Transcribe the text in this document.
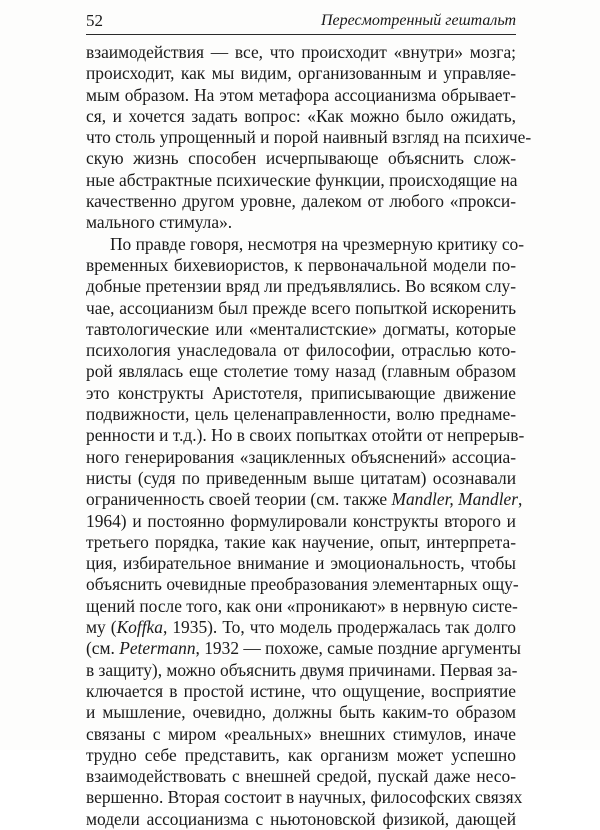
52	Пересмотренный гештальт
взаимодействия — все, что происходит «внутри» мозга;
происходит, как мы видим, организованным и управляе-
мым образом. На этом метафора ассоцианизма обрывает-
ся, и хочется задать вопрос: «Как можно было ожидать,
что столь упрощенный и порой наивный взгляд на психиче-
скую жизнь способен исчерпывающе объяснить слож-
ные абстрактные психические функции, происходящие на
качественно другом уровне, далеком от любого «прокси-
мального стимула».
По правде говоря, несмотря на чрезмерную критику со-
временных бихевиористов, к первоначальной модели по-
добные претензии вряд ли предъявлялись. Во всяком слу-
чае, ассоцианизм был прежде всего попыткой искоренить
тавтологические или «менталистские» догматы, которые
психология унаследовала от философии, отраслью кото-
рой являлась еще столетие тому назад (главным образом
это конструкты Аристотеля, приписывающие движение
подвижности, цель целенаправленности, волю преднаме-
ренности и т.д.). Но в своих попытках отойти от непрерыв-
ного генерирования «зацикленных объяснений» ассоциа-
нисты (судя по приведенным выше цитатам) осознавали
ограниченность своей теории (см. также Mandler, Mandler,
1964) и постоянно формулировали конструкты второго и
третьего порядка, такие как научение, опыт, интерпрета-
ция, избирательное внимание и эмоциональность, чтобы
объяснить очевидные преобразования элементарных ощу-
щений после того, как они «проникают» в нервную систе-
му (Koffka, 1935). То, что модель продержалась так долго
(см. Petermann, 1932 — похоже, самые поздние аргументы
в защиту), можно объяснить двумя причинами. Первая за-
ключается в простой истине, что ощущение, восприятие
и мышление, очевидно, должны быть каким-то образом
связаны с миром «реальных» внешних стимулов, иначе
трудно себе представить, как организм может успешно
взаимодействовать с внешней средой, пускай даже несо-
вершенно. Вторая состоит в научных, философских связях
модели ассоцианизма с ньютоновской физикой, дающей
